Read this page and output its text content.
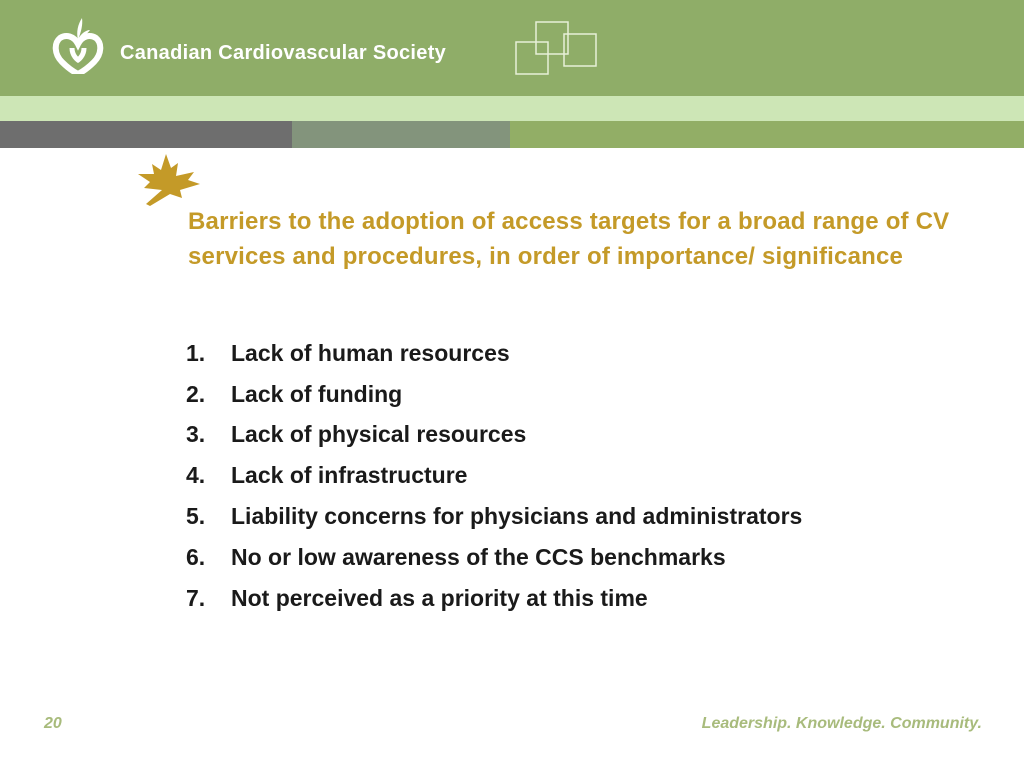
Canadian Cardiovascular Society
Barriers to the adoption of access targets for a broad range of CV services and procedures, in order of importance/ significance
1.	Lack of human resources
2.	Lack of funding
3.	Lack of physical resources
4.	Lack of infrastructure
5.	Liability concerns for physicians and administrators
6.	No or low awareness of the CCS benchmarks
7.	Not perceived as a priority at this time
20	Leadership. Knowledge. Community.
